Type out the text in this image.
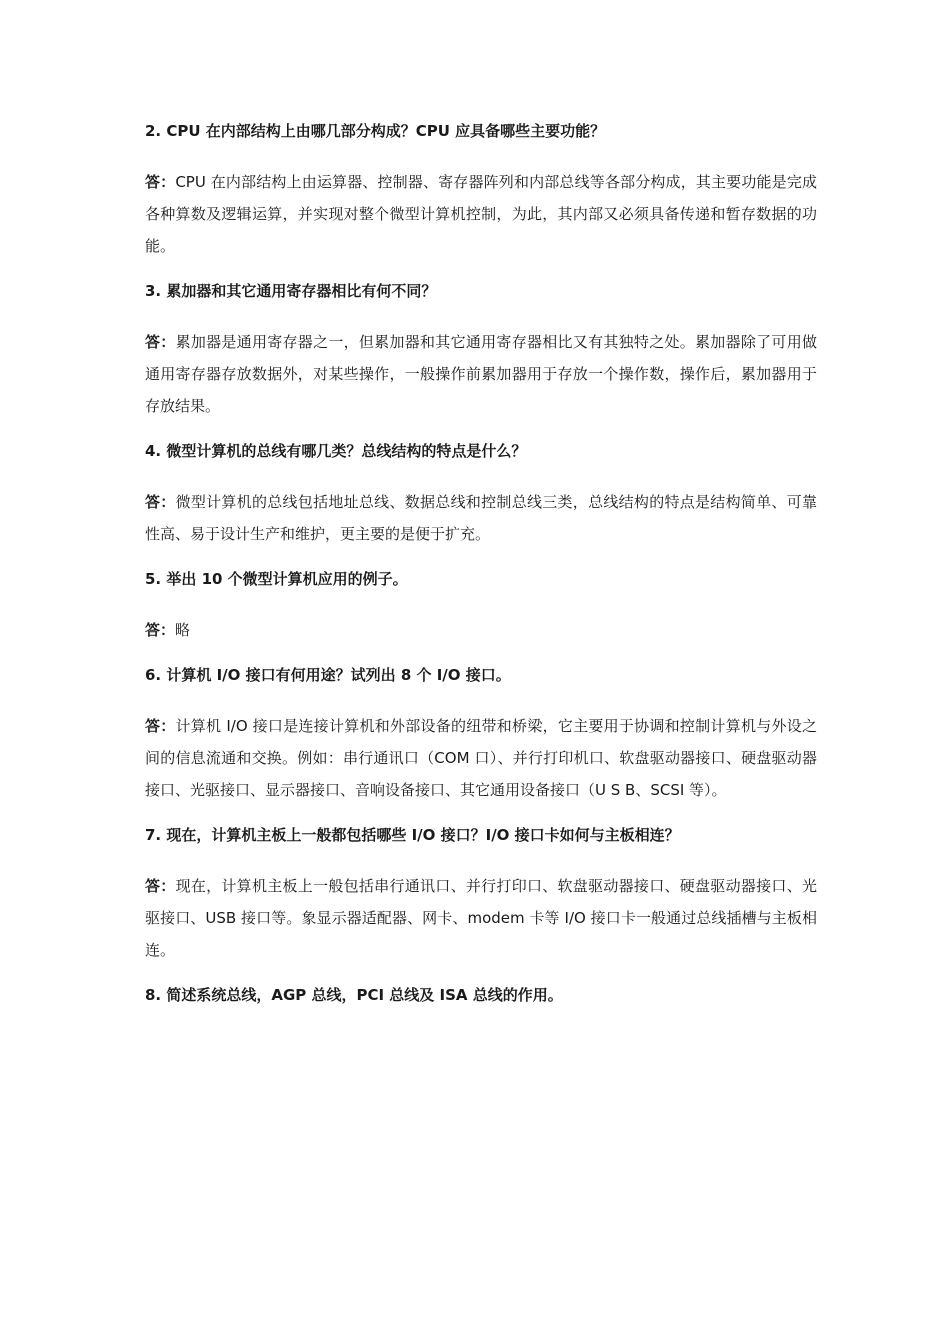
2. CPU 在内部结构上由哪几部分构成？CPU 应具备哪些主要功能？

答：CPU 在内部结构上由运算器、控制器、寄存器阵列和内部总线等各部分构成，其主要功能是完成各种算数及逻辑运算，并实现对整个微型计算机控制，为此，其内部又必须具备传递和暂存数据的功能。

3. 累加器和其它通用寄存器相比有何不同？

答：累加器是通用寄存器之一，但累加器和其它通用寄存器相比又有其独特之处。累加器除了可用做通用寄存器存放数据外，对某些操作，一般操作前累加器用于存放一个操作数，操作后，累加器用于存放结果。

4. 微型计算机的总线有哪几类？总线结构的特点是什么？

答：微型计算机的总线包括地址总线、数据总线和控制总线三类，总线结构的特点是结构简单、可靠性高、易于设计生产和维护，更主要的是便于扩充。

5. 举出 10 个微型计算机应用的例子。

答：略

6. 计算机 I/O 接口有何用途？试列出 8 个 I/O 接口。

答：计算机 I/O 接口是连接计算机和外部设备的纽带和桥梁，它主要用于协调和控制计算机与外设之间的信息流通和交换。例如：串行通讯口（COM 口）、并行打印机口、软盘驱动器接口、硬盘驱动器接口、光驱接口、显示器接口、音响设备接口、其它通用设备接口（U S B、SCSI 等）。

7. 现在，计算机主板上一般都包括哪些 I/O 接口？I/O 接口卡如何与主板相连？

答：现在，计算机主板上一般包括串行通讯口、并行打印口、软盘驱动器接口、硬盘驱动器接口、光驱接口、USB 接口等。象显示器适配器、网卡、modem 卡等 I/O 接口卡一般通过总线插槽与主板相连。

8. 简述系统总线，AGP 总线，PCI 总线及 ISA 总线的作用。
